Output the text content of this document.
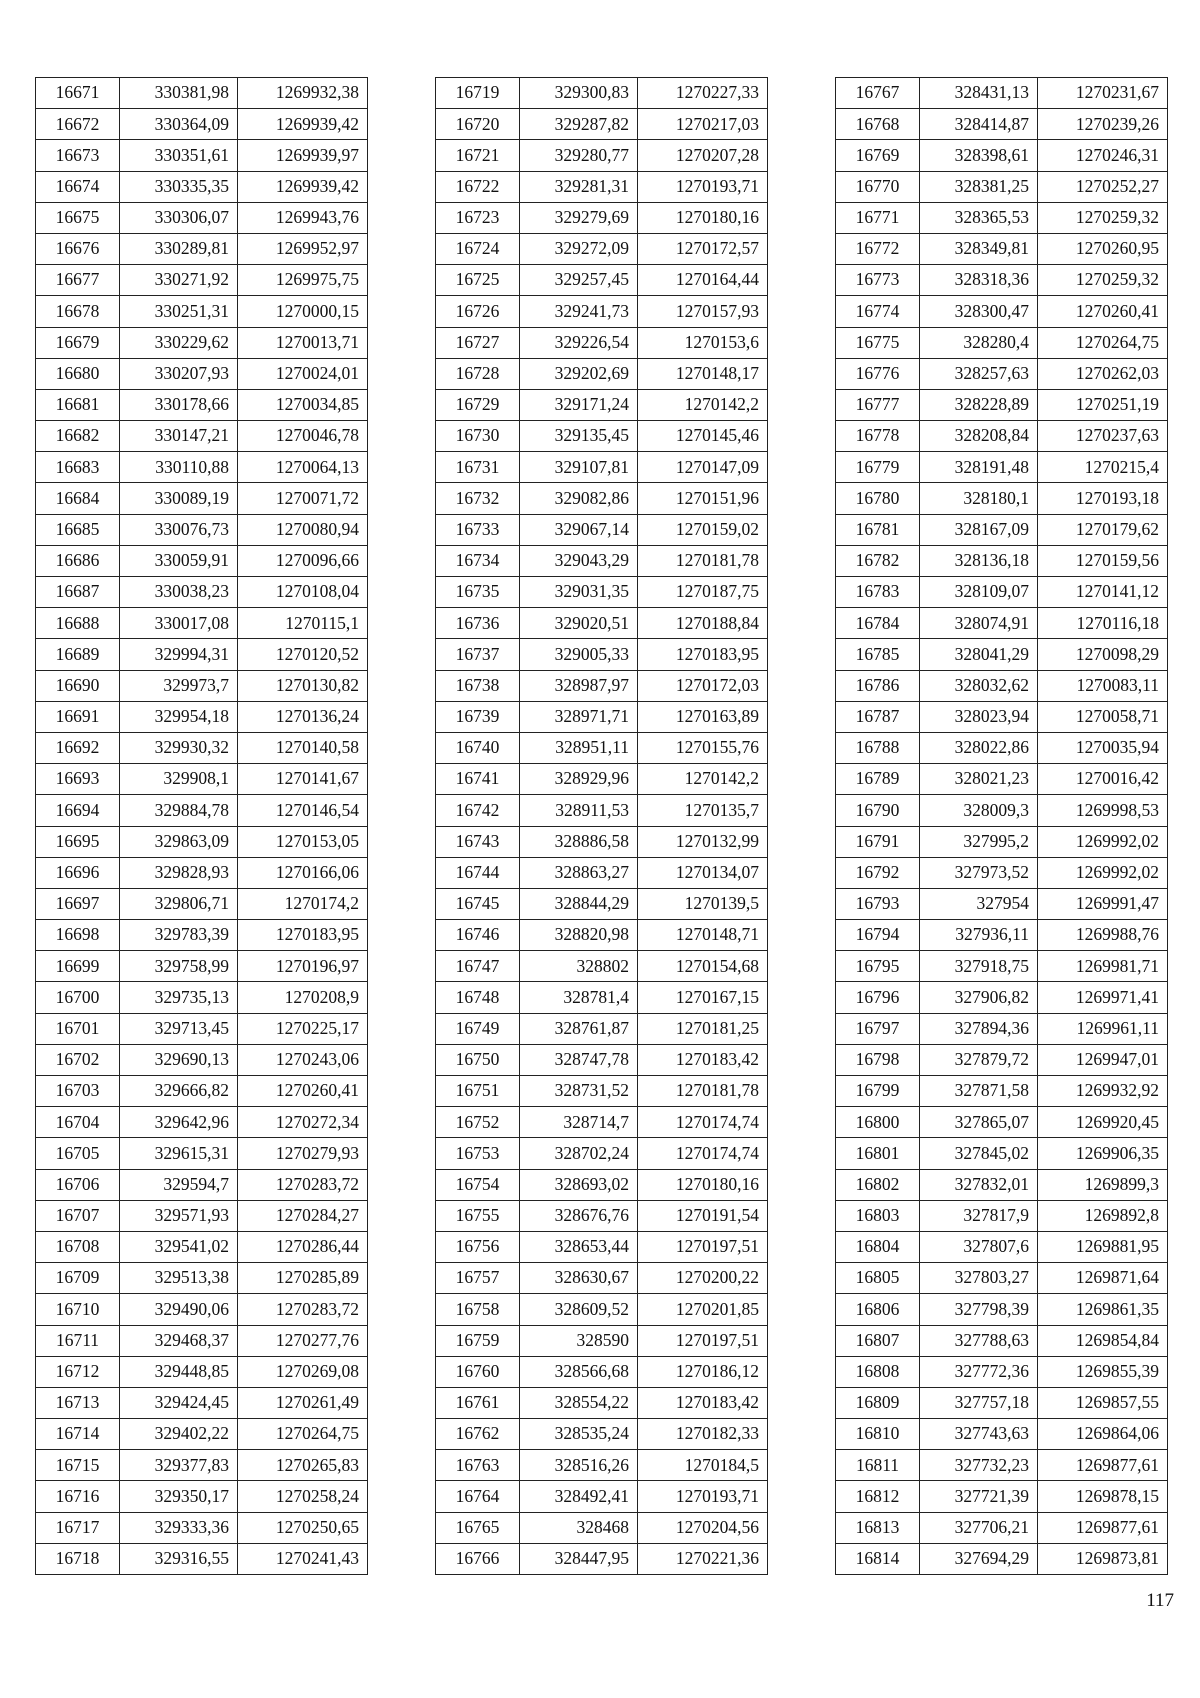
16671	330381,98	1269932,38
16672	330364,09	1269939,42
16673	330351,61	1269939,97
16674	330335,35	1269939,42
16675	330306,07	1269943,76
16676	330289,81	1269952,97
16677	330271,92	1269975,75
16678	330251,31	1270000,15
16679	330229,62	1270013,71
16680	330207,93	1270024,01
16681	330178,66	1270034,85
16682	330147,21	1270046,78
16683	330110,88	1270064,13
16684	330089,19	1270071,72
16685	330076,73	1270080,94
16686	330059,91	1270096,66
16687	330038,23	1270108,04
16688	330017,08	1270115,1
16689	329994,31	1270120,52
16690	329973,7	1270130,82
16691	329954,18	1270136,24
16692	329930,32	1270140,58
16693	329908,1	1270141,67
16694	329884,78	1270146,54
16695	329863,09	1270153,05
16696	329828,93	1270166,06
16697	329806,71	1270174,2
16698	329783,39	1270183,95
16699	329758,99	1270196,97
16700	329735,13	1270208,9
16701	329713,45	1270225,17
16702	329690,13	1270243,06
16703	329666,82	1270260,41
16704	329642,96	1270272,34
16705	329615,31	1270279,93
16706	329594,7	1270283,72
16707	329571,93	1270284,27
16708	329541,02	1270286,44
16709	329513,38	1270285,89
16710	329490,06	1270283,72
16711	329468,37	1270277,76
16712	329448,85	1270269,08
16713	329424,45	1270261,49
16714	329402,22	1270264,75
16715	329377,83	1270265,83
16716	329350,17	1270258,24
16717	329333,36	1270250,65
16718	329316,55	1270241,43
16719	329300,83	1270227,33
16720	329287,82	1270217,03
16721	329280,77	1270207,28
16722	329281,31	1270193,71
16723	329279,69	1270180,16
16724	329272,09	1270172,57
16725	329257,45	1270164,44
16726	329241,73	1270157,93
16727	329226,54	1270153,6
16728	329202,69	1270148,17
16729	329171,24	1270142,2
16730	329135,45	1270145,46
16731	329107,81	1270147,09
16732	329082,86	1270151,96
16733	329067,14	1270159,02
16734	329043,29	1270181,78
16735	329031,35	1270187,75
16736	329020,51	1270188,84
16737	329005,33	1270183,95
16738	328987,97	1270172,03
16739	328971,71	1270163,89
16740	328951,11	1270155,76
16741	328929,96	1270142,2
16742	328911,53	1270135,7
16743	328886,58	1270132,99
16744	328863,27	1270134,07
16745	328844,29	1270139,5
16746	328820,98	1270148,71
16747	328802	1270154,68
16748	328781,4	1270167,15
16749	328761,87	1270181,25
16750	328747,78	1270183,42
16751	328731,52	1270181,78
16752	328714,7	1270174,74
16753	328702,24	1270174,74
16754	328693,02	1270180,16
16755	328676,76	1270191,54
16756	328653,44	1270197,51
16757	328630,67	1270200,22
16758	328609,52	1270201,85
16759	328590	1270197,51
16760	328566,68	1270186,12
16761	328554,22	1270183,42
16762	328535,24	1270182,33
16763	328516,26	1270184,5
16764	328492,41	1270193,71
16765	328468	1270204,56
16766	328447,95	1270221,36
16767	328431,13	1270231,67
16768	328414,87	1270239,26
16769	328398,61	1270246,31
16770	328381,25	1270252,27
16771	328365,53	1270259,32
16772	328349,81	1270260,95
16773	328318,36	1270259,32
16774	328300,47	1270260,41
16775	328280,4	1270264,75
16776	328257,63	1270262,03
16777	328228,89	1270251,19
16778	328208,84	1270237,63
16779	328191,48	1270215,4
16780	328180,1	1270193,18
16781	328167,09	1270179,62
16782	328136,18	1270159,56
16783	328109,07	1270141,12
16784	328074,91	1270116,18
16785	328041,29	1270098,29
16786	328032,62	1270083,11
16787	328023,94	1270058,71
16788	328022,86	1270035,94
16789	328021,23	1270016,42
16790	328009,3	1269998,53
16791	327995,2	1269992,02
16792	327973,52	1269992,02
16793	327954	1269991,47
16794	327936,11	1269988,76
16795	327918,75	1269981,71
16796	327906,82	1269971,41
16797	327894,36	1269961,11
16798	327879,72	1269947,01
16799	327871,58	1269932,92
16800	327865,07	1269920,45
16801	327845,02	1269906,35
16802	327832,01	1269899,3
16803	327817,9	1269892,8
16804	327807,6	1269881,95
16805	327803,27	1269871,64
16806	327798,39	1269861,35
16807	327788,63	1269854,84
16808	327772,36	1269855,39
16809	327757,18	1269857,55
16810	327743,63	1269864,06
16811	327732,23	1269877,61
16812	327721,39	1269878,15
16813	327706,21	1269877,61
16814	327694,29	1269873,81
117
